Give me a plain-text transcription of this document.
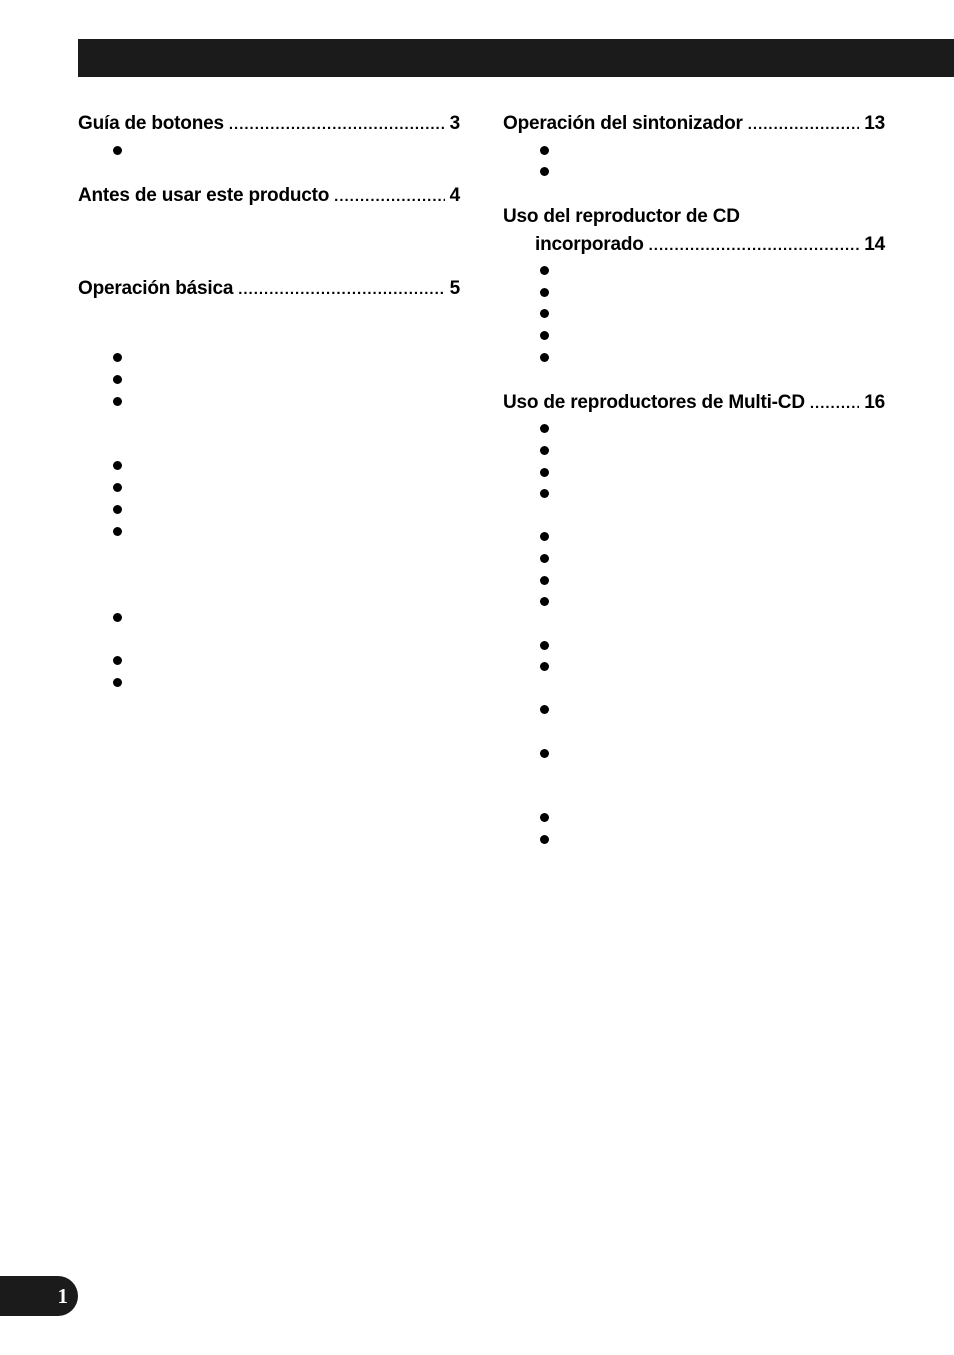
Guía de botones .....	3
Antes de usar este producto .....	4
Operación básica .....	5
Operación del sintonizador .....	13
Uso del reproductor de CD
incorporado .....	14
Uso de reproductores de Multi-CD .....	16
1
